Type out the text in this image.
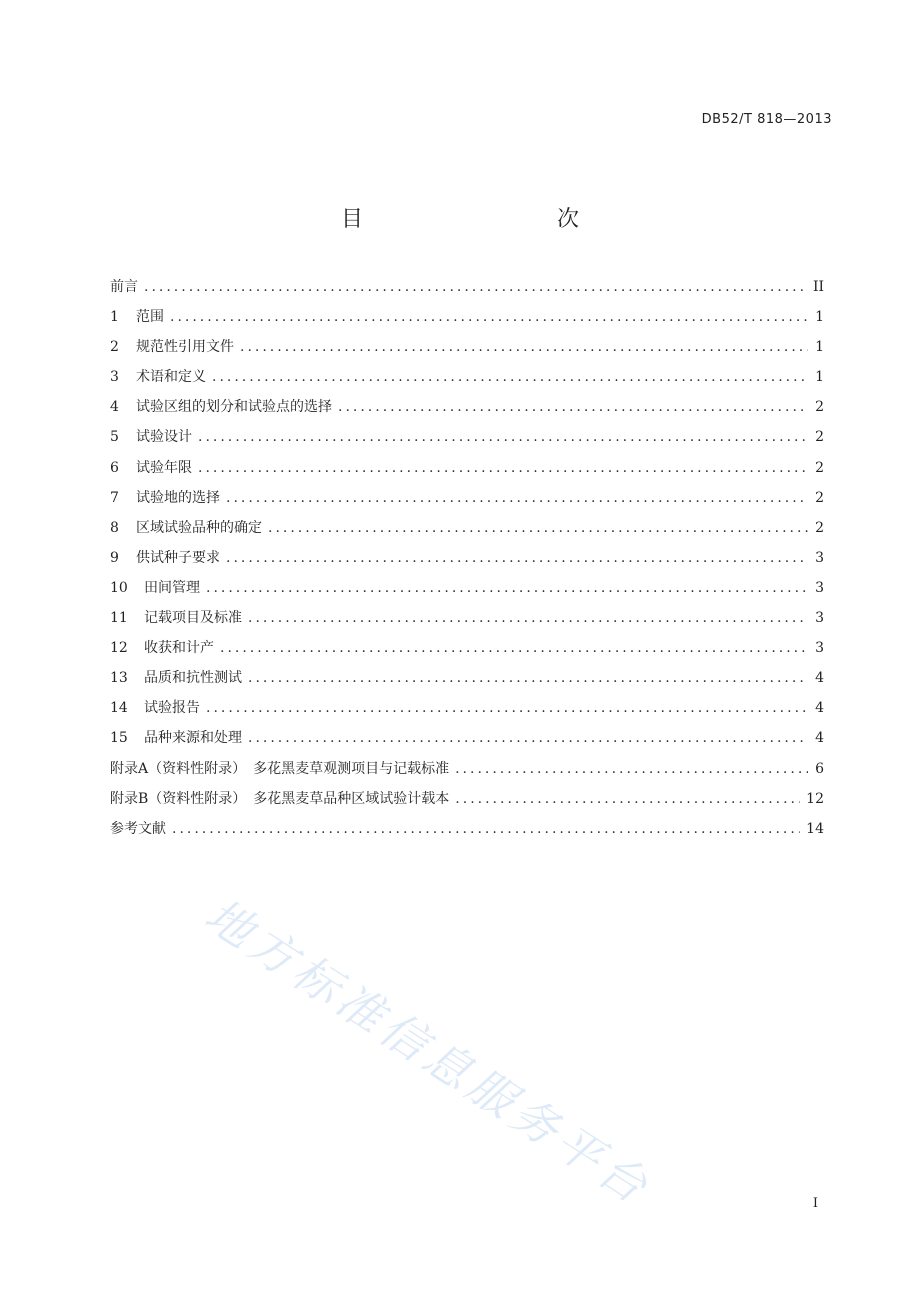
DB52/T 818—2013
目　　次
前言 .....	II
1	范围 .....	1
2	规范性引用文件 .....	1
3	术语和定义 .....	1
4	试验区组的划分和试验点的选择 .....	2
5	试验设计 .....	2
6	试验年限 .....	2
7	试验地的选择 .....	2
8	区域试验品种的确定 .....	2
9	供试种子要求 .....	3
10	田间管理 .....	3
11	记载项目及标准 .....	3
12	收获和计产 .....	3
13	品质和抗性测试 .....	4
14	试验报告 .....	4
15	品种来源和处理 .....	4
附录A（资料性附录）　多花黑麦草观测项目与记载标准 .....	6
附录B（资料性附录）　多花黑麦草品种区域试验计载本 .....	12
参考文献 .....	14
地方标准信息服务平台	I
